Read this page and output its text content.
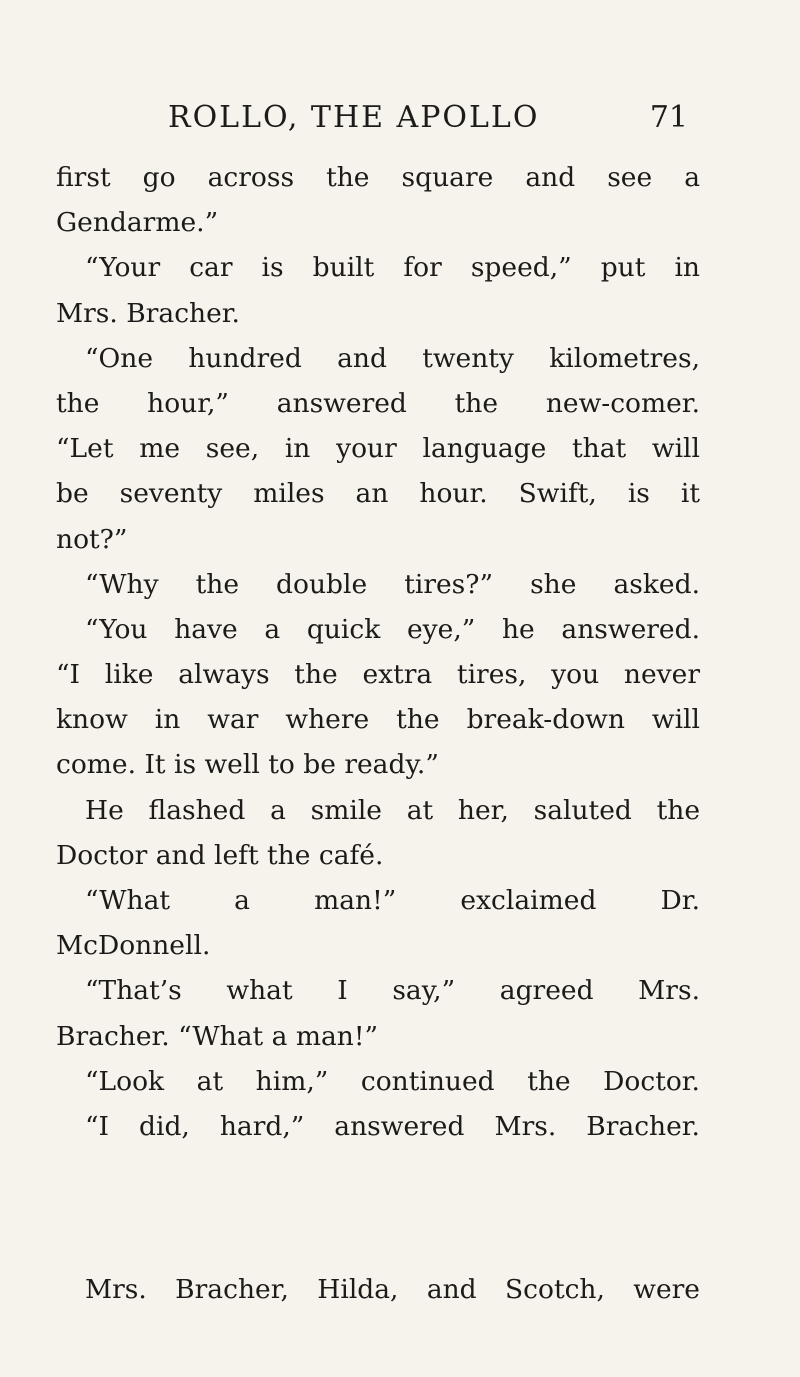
ROLLO, THE APOLLO	71
first go across the square and see a
Gendarme.”
“Your car is built for speed,” put in
Mrs. Bracher.
“One hundred and twenty kilometres,
the hour,” answered the new-comer.
“Let me see, in your language that will
be seventy miles an hour. Swift, is it
not?”
“Why the double tires?” she asked.
“You have a quick eye,” he answered.
“I like always the extra tires, you never
know in war where the break-down will
come. It is well to be ready.”
He flashed a smile at her, saluted the
Doctor and left the café.
“What a man!” exclaimed Dr.
McDonnell.
“That’s what I say,” agreed Mrs.
Bracher. “What a man!”
“Look at him,” continued the Doctor.
“I did, hard,” answered Mrs. Bracher.
Mrs. Bracher, Hilda, and Scotch, were
